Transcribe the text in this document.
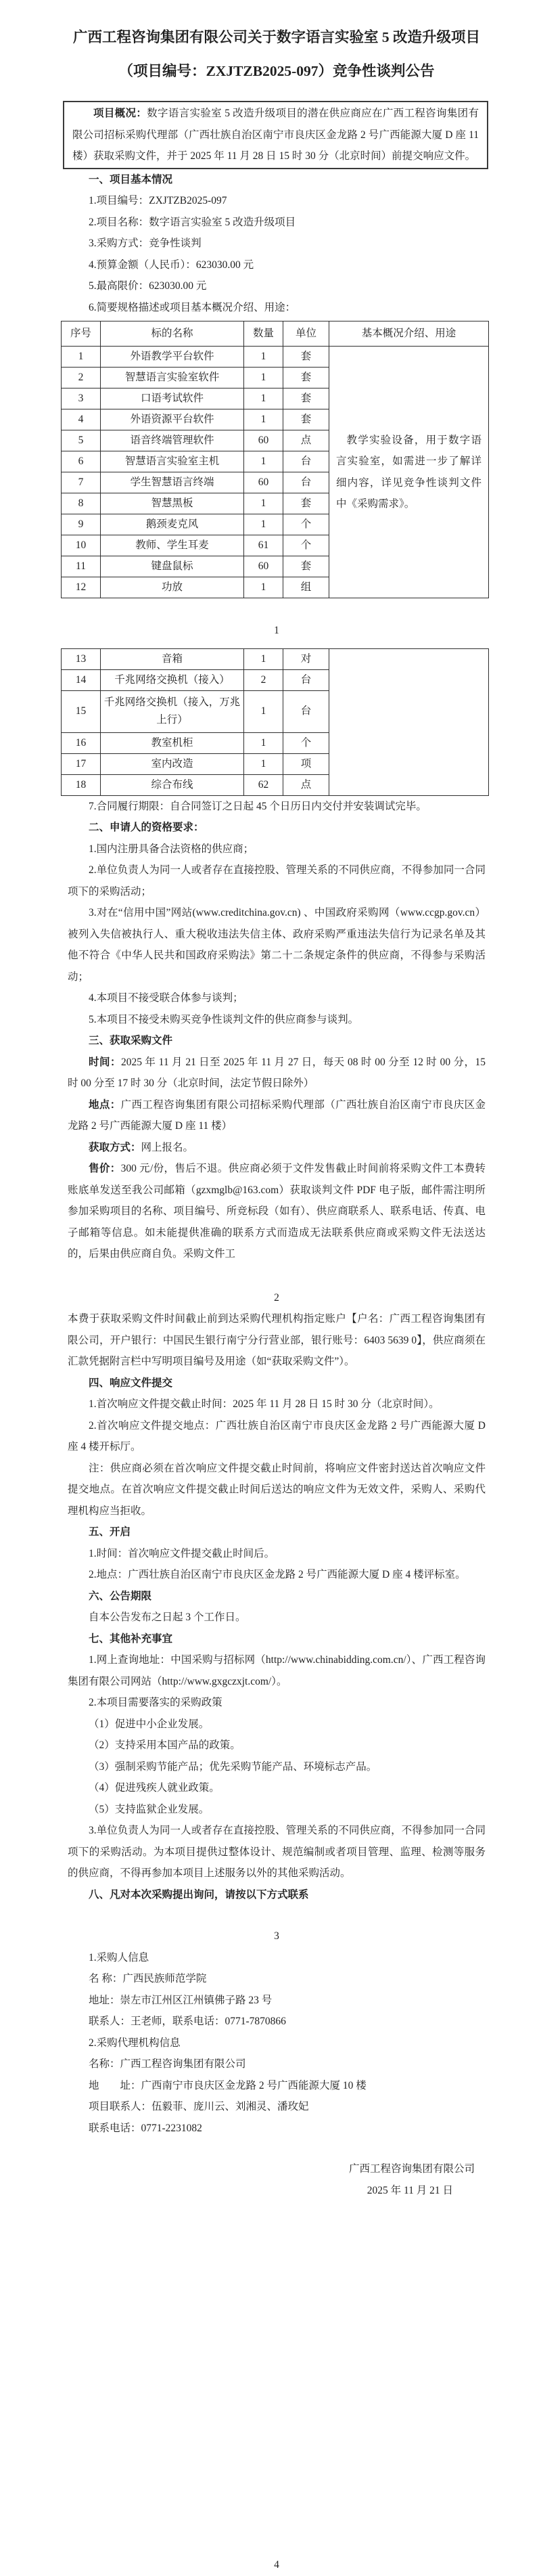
广西工程咨询集团有限公司关于数字语言实验室 5 改造升级项目
（项目编号：ZXJTZB2025-097）竞争性谈判公告

项目概况：数字语言实验室 5 改造升级项目的潜在供应商应在广西工程咨询集团有限公司招标采购代理部（广西壮族自治区南宁市良庆区金龙路 2 号广西能源大厦 D 座 11 楼）获取采购文件，并于 2025 年 11 月 28 日 15 时 30 分（北京时间）前提交响应文件。

一、项目基本情况

1.项目编号：ZXJTZB2025-097

2.项目名称：数字语言实验室 5 改造升级项目

3.采购方式：竞争性谈判

4.预算金额（人民币）：623030.00 元

5.最高限价：623030.00 元

6.简要规格描述或项目基本概况介绍、用途：

序号	标的名称	数量	单位	基本概况介绍、用途
1	外语教学平台软件	1	套	教学实验设备，用于数字语言实验室，如需进一步了解详细内容，详见竞争性谈判文件中《采购需求》。

2	智慧语言实验室软件	1	套	
3	口语考试软件	1	套	
4	外语资源平台软件	1	套	
5	语音终端管理软件	60	点	
6	智慧语言实验室主机	1	台	
7	学生智慧语言终端	60	台	
8	智慧黑板	1	套	
9	鹅颈麦克风	1	个	
10	教师、学生耳麦	61	个	
11	键盘鼠标	60	套	
12	功放	1	组	

1

13	音箱	1	对	
14	千兆网络交换机（接入）	2	台	
15	千兆网络交换机（接入，万兆上行）	1	台	
16	教室机柜	1	个	
17	室内改造	1	项	
18	综合布线	62	点	

7.合同履行期限：自合同签订之日起 45 个日历日内交付并安装调试完毕。

二、申请人的资格要求：

1.国内注册具备合法资格的供应商；

2.单位负责人为同一人或者存在直接控股、管理关系的不同供应商，不得参加同一合同项下的采购活动；

3.对在“信用中国”网站(www.creditchina.gov.cn) 、中国政府采购网（www.ccgp.gov.cn）被列入失信被执行人、重大税收违法失信主体、政府采购严重违法失信行为记录名单及其他不符合《中华人民共和国政府采购法》第二十二条规定条件的供应商，不得参与采购活动；

4.本项目不接受联合体参与谈判；

5.本项目不接受未购买竞争性谈判文件的供应商参与谈判。

三、获取采购文件

时间：2025 年 11 月 21 日至 2025 年 11 月 27 日，每天 08 时 00 分至 12 时 00 分，15 时 00 分至 17 时 30 分（北京时间，法定节假日除外）

地点：广西工程咨询集团有限公司招标采购代理部（广西壮族自治区南宁市良庆区金龙路 2 号广西能源大厦 D 座 11 楼）

获取方式：网上报名。

售价：300 元/份，售后不退。供应商必须于文件发售截止时间前将采购文件工本费转账底单发送至我公司邮箱（gzxmglb@163.com）获取谈判文件 PDF 电子版，邮件需注明所参加采购项目的名称、项目编号、所竞标段（如有）、供应商联系人、联系电话、传真、电子邮箱等信息。如未能提供准确的联系方式而造成无法联系供应商或采购文件无法送达的，后果由供应商自负。采购文件工

2

本费于获取采购文件时间截止前到达采购代理机构指定账户【户名：广西工程咨询集团有限公司，开户银行：中国民生银行南宁分行营业部，银行账号：6403 5639 0】，供应商须在汇款凭据附言栏中写明项目编号及用途（如“获取采购文件”）。

四、响应文件提交

1.首次响应文件提交截止时间：2025 年 11 月 28 日 15 时 30 分（北京时间）。

2.首次响应文件提交地点：广西壮族自治区南宁市良庆区金龙路 2 号广西能源大厦 D 座 4 楼开标厅。

注：供应商必须在首次响应文件提交截止时间前，将响应文件密封送达首次响应文件提交地点。在首次响应文件提交截止时间后送达的响应文件为无效文件，采购人、采购代理机构应当拒收。

五、开启

1.时间：首次响应文件提交截止时间后。

2.地点：广西壮族自治区南宁市良庆区金龙路 2 号广西能源大厦 D 座 4 楼评标室。

六、公告期限

自本公告发布之日起 3 个工作日。

七、其他补充事宜

1.网上查询地址：中国采购与招标网（http://www.chinabidding.com.cn/）、广西工程咨询集团有限公司网站（http://www.gxgczxjt.com/）。

2.本项目需要落实的采购政策

（1）促进中小企业发展。

（2）支持采用本国产品的政策。

（3）强制采购节能产品；优先采购节能产品、环境标志产品。

（4）促进残疾人就业政策。

（5）支持监狱企业发展。

3.单位负责人为同一人或者存在直接控股、管理关系的不同供应商，不得参加同一合同项下的采购活动。为本项目提供过整体设计、规范编制或者项目管理、监理、检测等服务的供应商，不得再参加本项目上述服务以外的其他采购活动。

八、凡对本次采购提出询问，请按以下方式联系

3

1.采购人信息

名 称：广西民族师范学院

地址：崇左市江州区江州镇佛子路 23 号

联系人：王老师，联系电话：0771-7870866

2.采购代理机构信息

名称：广西工程咨询集团有限公司

地　　址：广西南宁市良庆区金龙路 2 号广西能源大厦 10 楼

项目联系人：伍毅菲、庞川云、刘湘灵、潘玫妃

联系电话：0771-2231082

广西工程咨询集团有限公司
2025 年 11 月 21 日

4
